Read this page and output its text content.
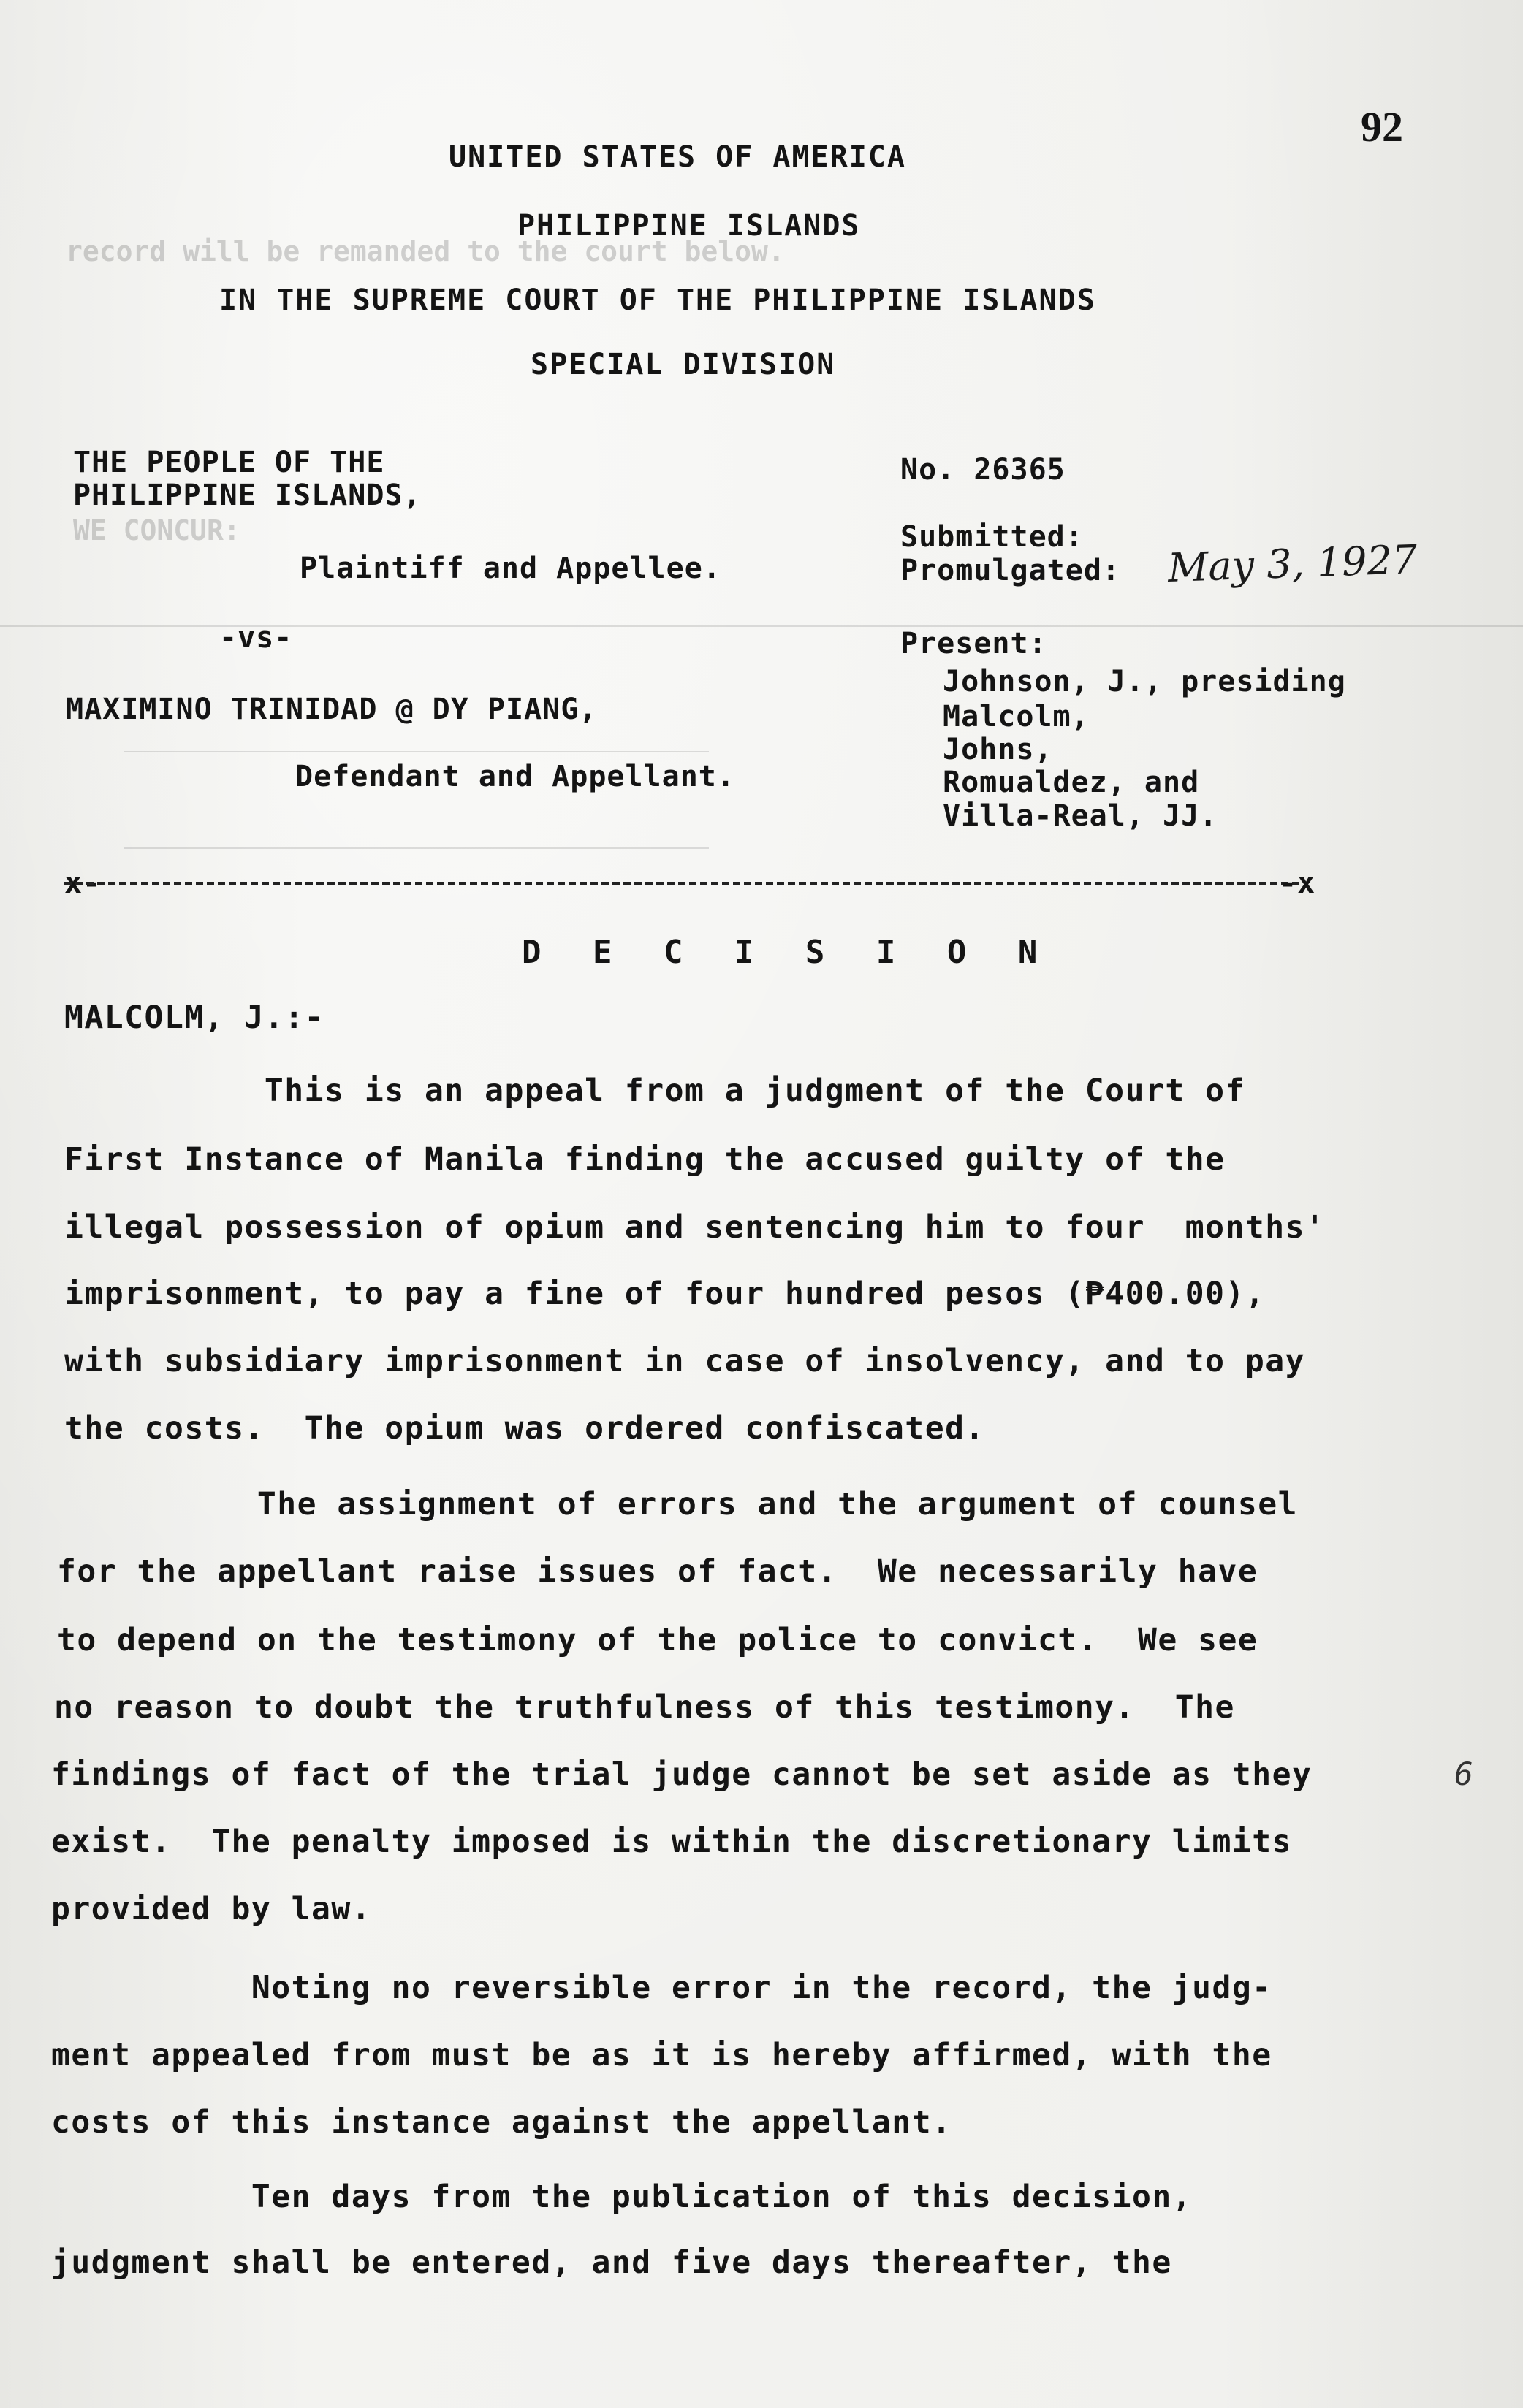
92
UNITED STATES OF AMERICA
PHILIPPINE ISLANDS
record will be remanded to the court below.
IN THE SUPREME COURT OF THE PHILIPPINE ISLANDS
SPECIAL DIVISION
THE PEOPLE OF THE
PHILIPPINE ISLANDS,
WE CONCUR:
Plaintiff and Appellee.
-vs-
MAXIMINO TRINIDAD @ DY PIANG,
Defendant and Appellant.
No. 26365
Submitted:
Promulgated: May 3, 1927
Present:
Johnson, J., presiding
Malcolm,
Johns,
Romualdez, and
Villa-Real, JJ.
x-	-x
D E C I S I O N
MALCOLM, J.:-
This is an appeal from a judgment of the Court of
First Instance of Manila finding the accused guilty of the
illegal possession of opium and sentencing him to four  months'
imprisonment, to pay a fine of four hundred pesos (₱400.00),
with subsidiary imprisonment in case of insolvency, and to pay
the costs.  The opium was ordered confiscated.
The assignment of errors and the argument of counsel
for the appellant raise issues of fact.  We necessarily have
to depend on the testimony of the police to convict.  We see
no reason to doubt the truthfulness of this testimony.  The
findings of fact of the trial judge cannot be set aside as they
exist.  The penalty imposed is within the discretionary limits
provided by law.
6
Noting no reversible error in the record, the judg-
ment appealed from must be as it is hereby affirmed, with the
costs of this instance against the appellant.
Ten days from the publication of this decision,
judgment shall be entered, and five days thereafter, the
